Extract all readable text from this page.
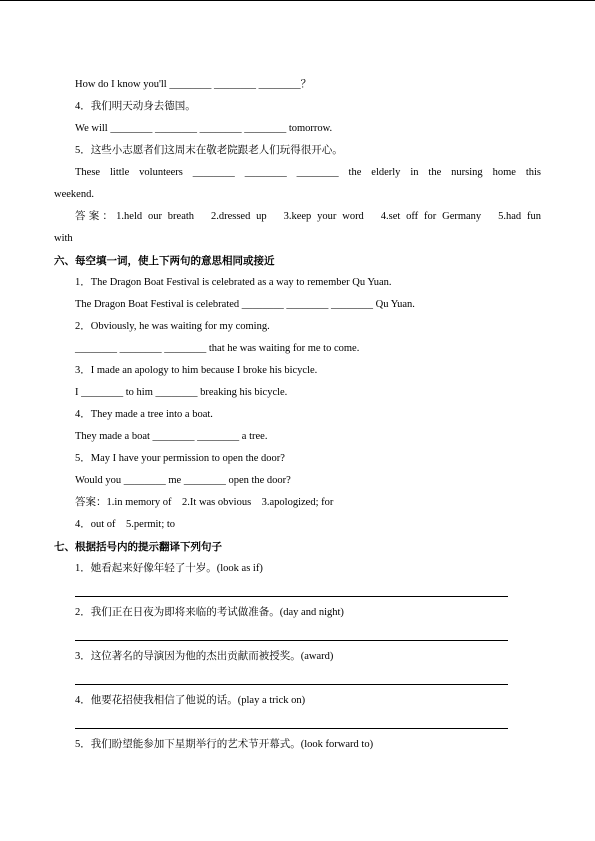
How do I know you'll ________ ________ ________？
4．我们明天动身去德国。
We will ________ ________ ________ ________ tomorrow.
5．这些小志愿者们这周末在敬老院跟老人们玩得很开心。
These little volunteers ________ ________ ________ the elderly in the nursing home this
weekend.
答案：1.held our breath　2.dressed up　3.keep your word　4.set off for Germany　5.had fun
with
六、每空填一词，使上下两句的意思相同或接近
1．The Dragon Boat Festival is celebrated as a way to remember Qu Yuan.
The Dragon Boat Festival is celebrated ________ ________ ________ Qu Yuan.
2．Obviously, he was waiting for my coming.
________ ________ ________ that he was waiting for me to come.
3．I made an apology to him because I broke his bicycle.
I ________ to him ________ breaking his bicycle.
4．They made a tree into a boat.
They made a boat ________ ________ a tree.
5．May I have your permission to open the door?
Would you ________ me ________ open the door?
答案：1.in memory of　2.It was obvious　3.apologized; for
4．out of　5.permit; to
七、根据括号内的提示翻译下列句子
1．她看起来好像年轻了十岁。(look as if)
2．我们正在日夜为即将来临的考试做准备。(day and night)
3．这位著名的导演因为他的杰出贡献而被授奖。(award)
4．他要花招使我相信了他说的话。(play a trick on)
5．我们盼望能参加下星期举行的艺术节开幕式。(look forward to)
